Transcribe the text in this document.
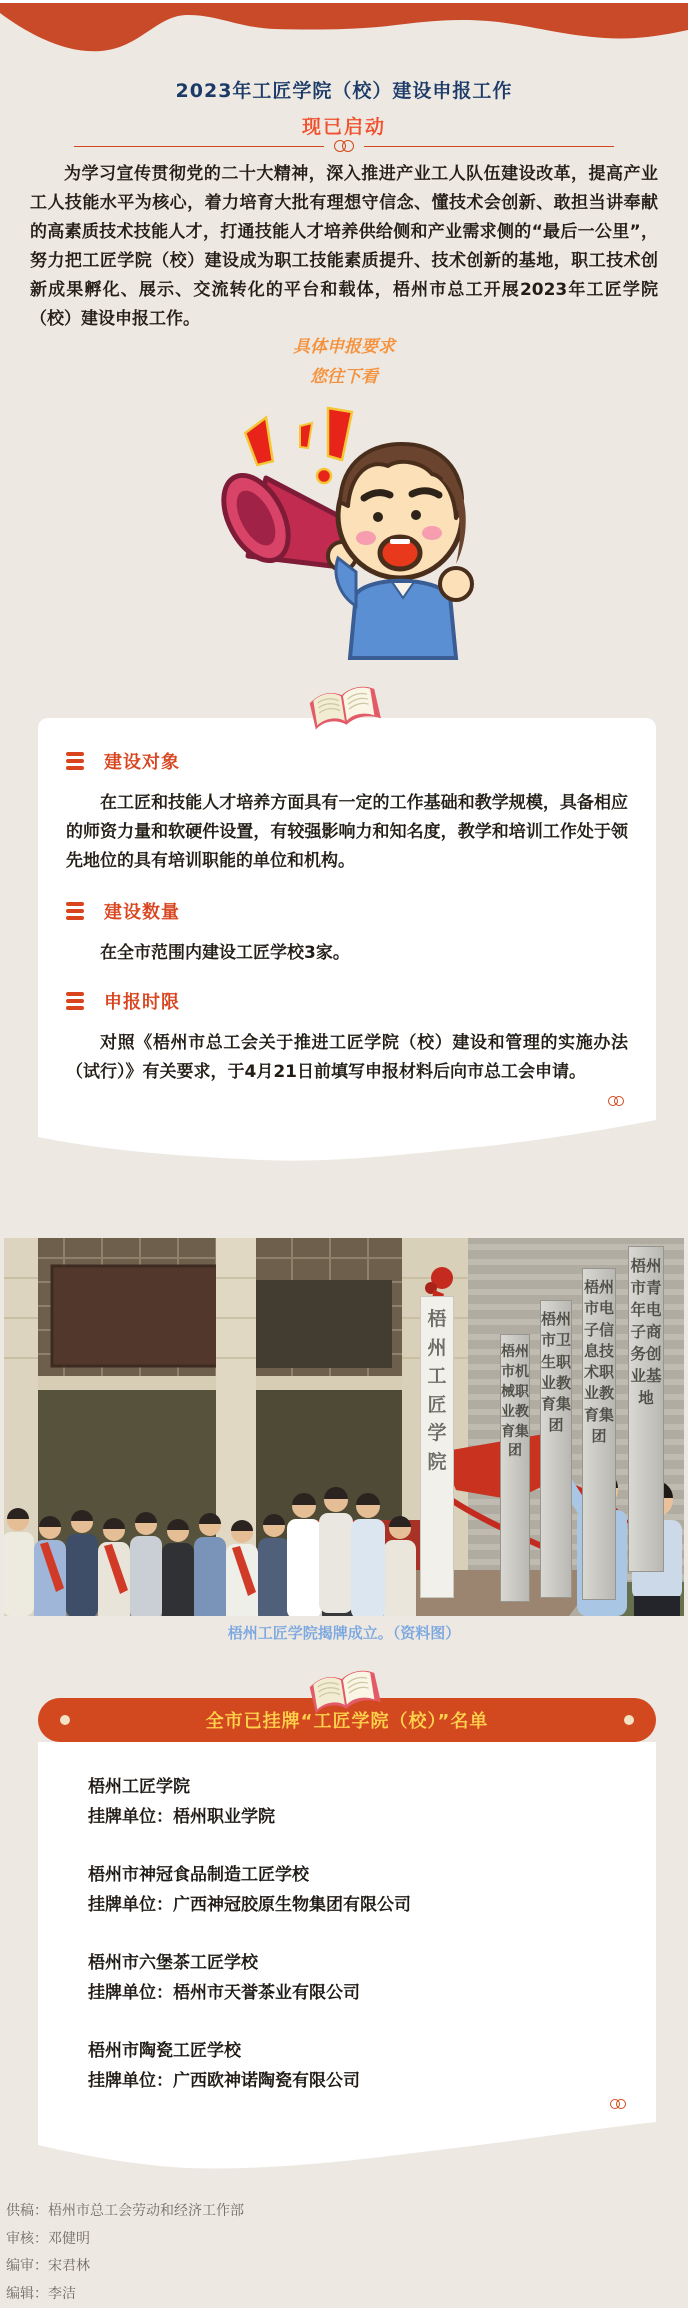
2023年工匠学院（校）建设申报工作
现已启动

为学习宣传贯彻党的二十大精神，深入推进产业工人队伍建设改革，提高产业工人技能水平为核心，着力培育大批有理想守信念、懂技术会创新、敢担当讲奉献的高素质技术技能人才，打通技能人才培养供给侧和产业需求侧的“最后一公里”，努力把工匠学院（校）建设成为职工技能素质提升、技术创新的基地，职工技术创新成果孵化、展示、交流转化的平台和载体，梧州市总工开展2023年工匠学院（校）建设申报工作。

具体申报要求
您往下看
建设对象

在工匠和技能人才培养方面具有一定的工作基础和教学规模，具备相应的师资力量和软硬件设置，有较强影响力和知名度，教学和培训工作处于领先地位的具有培训职能的单位和机构。

建设数量

在全市范围内建设工匠学校3家。

申报时限

对照《梧州市总工会关于推进工匠学院（校）建设和管理的实施办法（试行）》有关要求，于4月21日前填写申报材料后向市总工会申请。

梧州工匠学院
梧州市机械职业教育集团
梧州市卫生职业教育集团
梧州市电子信息技术职业教育集团
梧州市青年电子商务创业基地
梧州工匠学院揭牌成立。（资料图）
全市已挂牌“工匠学院（校）”名单
梧州工匠学院
挂牌单位：梧州职业学院
梧州市神冠食品制造工匠学校
挂牌单位：广西神冠胶原生物集团有限公司
梧州市六堡茶工匠学校
挂牌单位：梧州市天誉茶业有限公司
梧州市陶瓷工匠学校
挂牌单位：广西欧神诺陶瓷有限公司
供稿：梧州市总工会劳动和经济工作部
审核：邓健明
编审：宋君林
编辑：李洁
